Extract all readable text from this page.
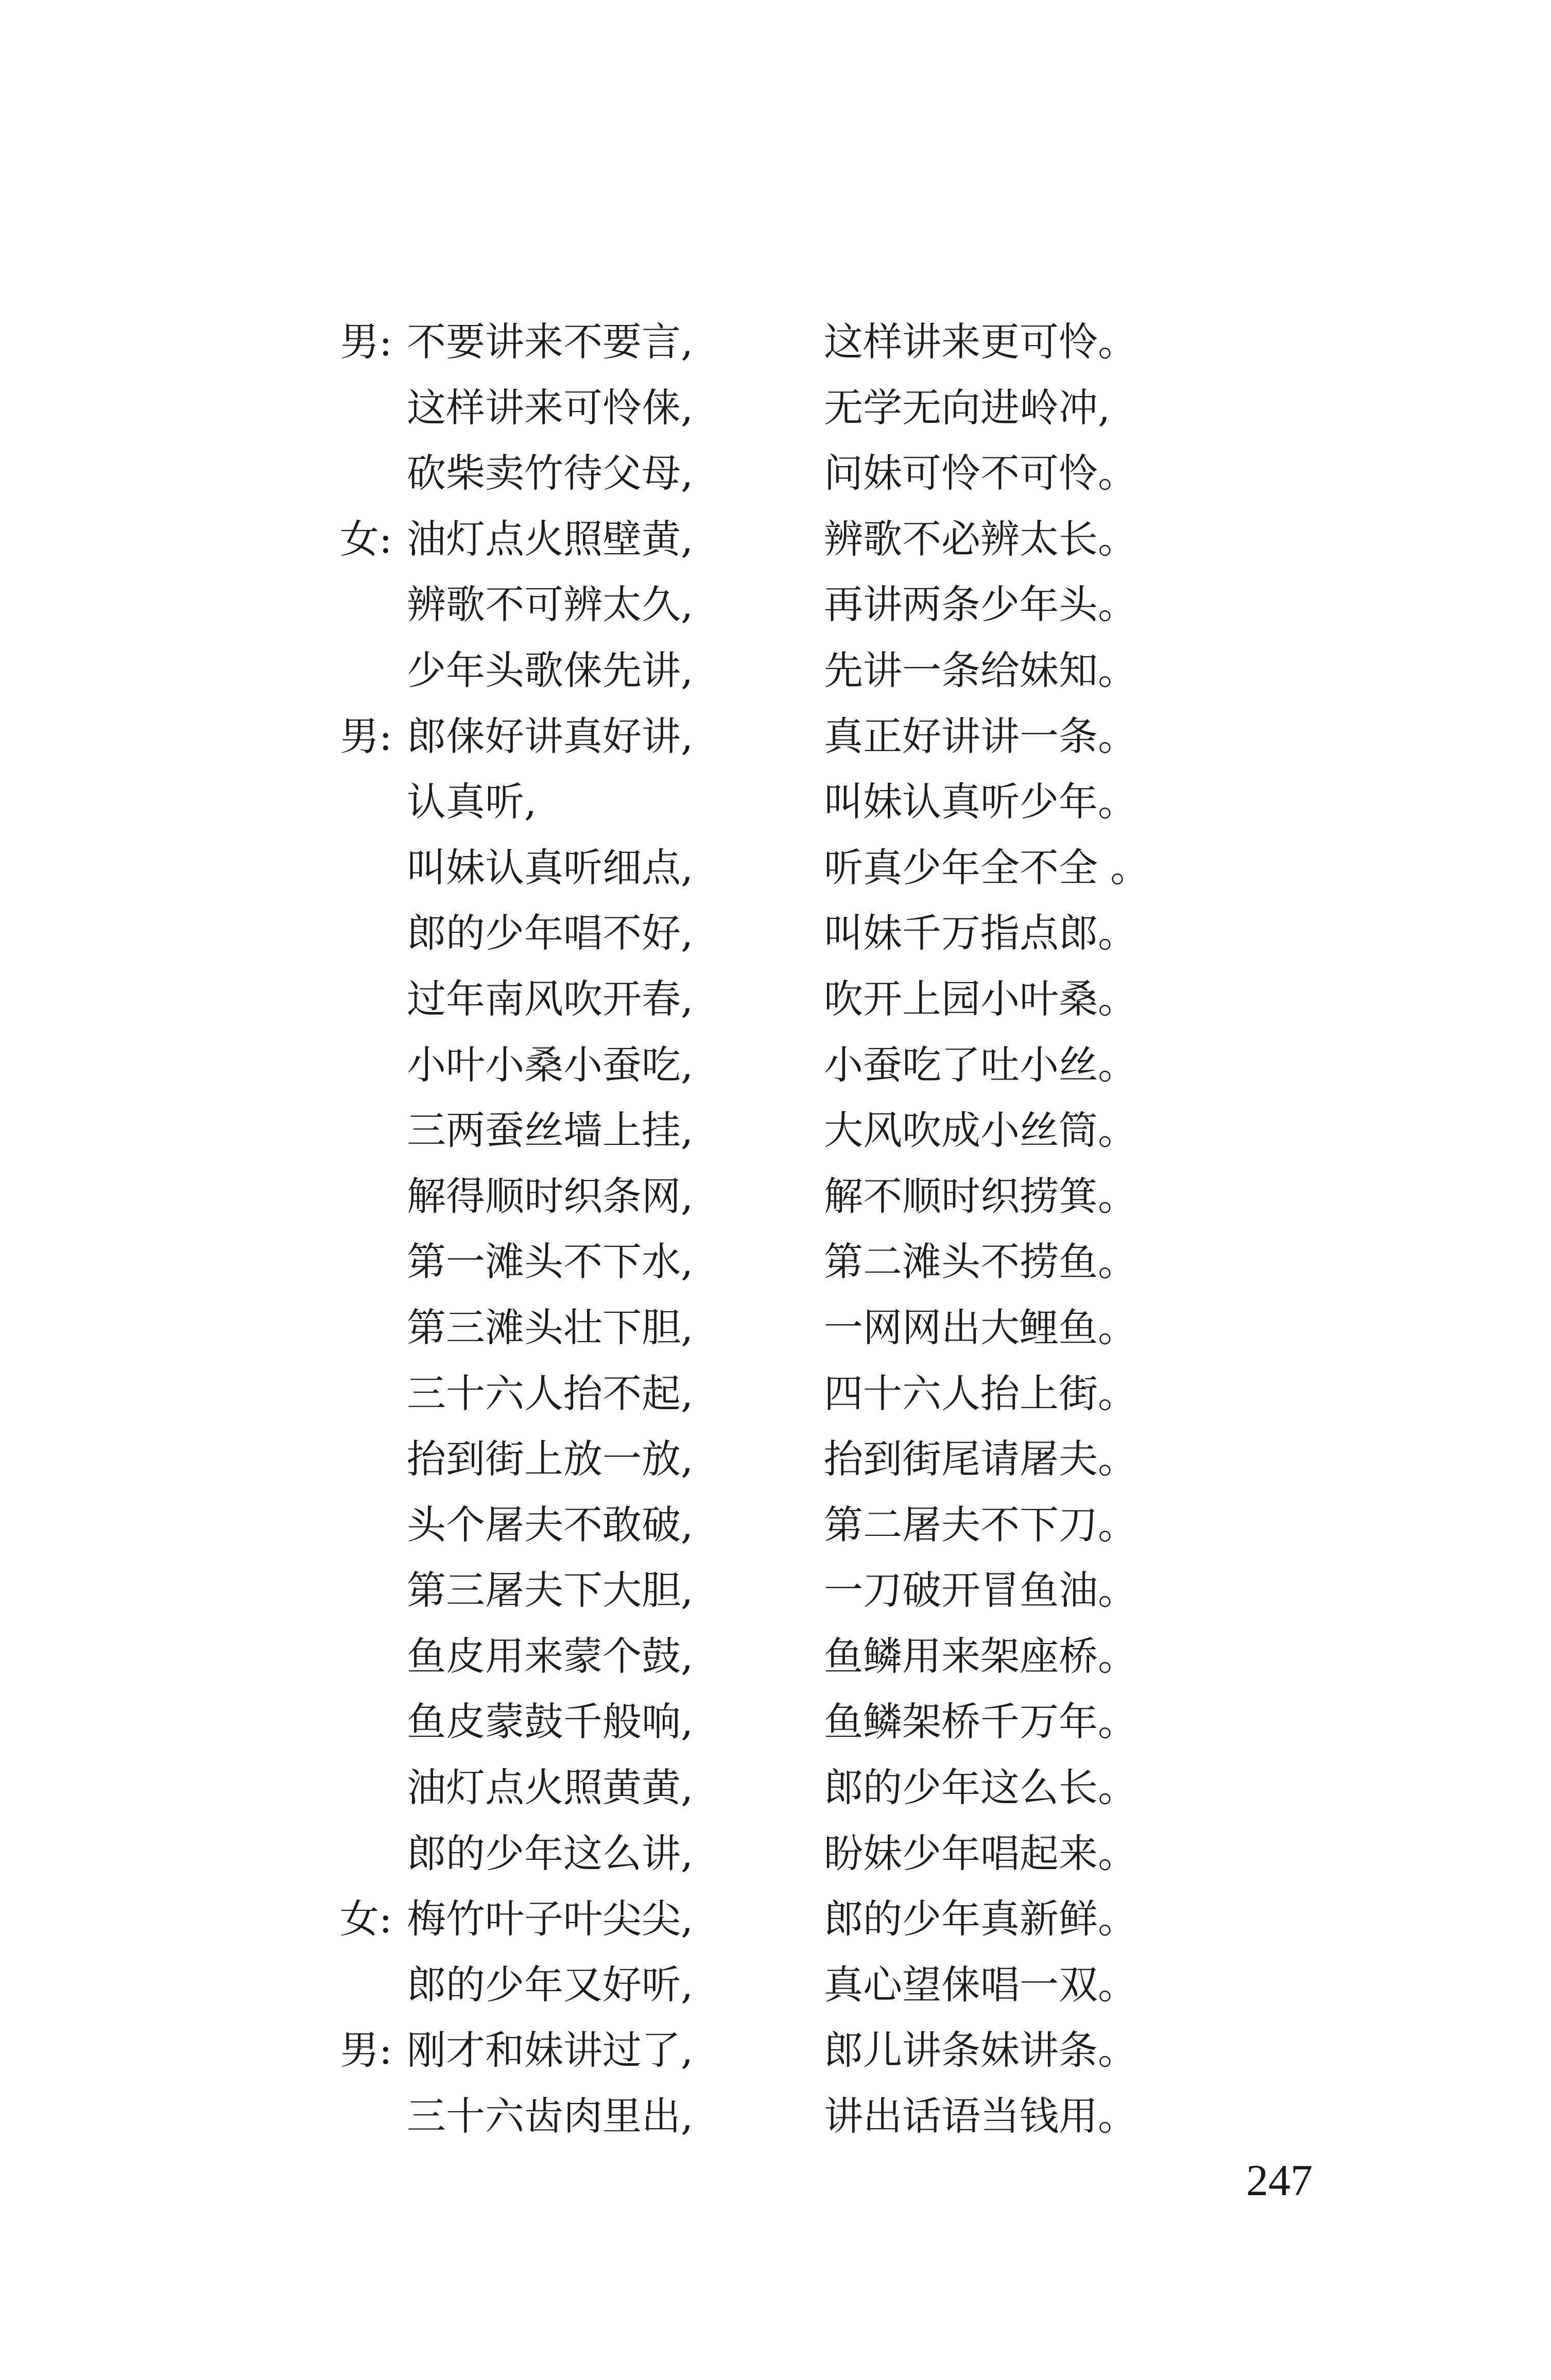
男: 不要讲来不要言,	这样讲来更可怜。
这样讲来可怜俫,	无学无向进岭冲,
砍柴卖竹待父母,	问妹可怜不可怜。
女: 油灯点火照壁黄,	辨歌不必辨太长。
辨歌不可辨太久,	再讲两条少年头。
少年头歌俫先讲,	先讲一条给妹知。
男: 郎俫好讲真好讲,	真正好讲讲一条。
认真听,	叫妹认真听少年。
叫妹认真听细点,	听真少年全不全 。
郎的少年唱不好,	叫妹千万指点郎。
过年南风吹开春,	吹开上园小叶桑。
小叶小桑小蚕吃,	小蚕吃了吐小丝。
三两蚕丝墙上挂,	大风吹成小丝筒。
解得顺时织条网,	解不顺时织捞箕。
第一滩头不下水,	第二滩头不捞鱼。
第三滩头壮下胆,	一网网出大鲤鱼。
三十六人抬不起,	四十六人抬上街。
抬到街上放一放,	抬到街尾请屠夫。
头个屠夫不敢破,	第二屠夫不下刀。
第三屠夫下大胆,	一刀破开冒鱼油。
鱼皮用来蒙个鼓,	鱼鳞用来架座桥。
鱼皮蒙鼓千般响,	鱼鳞架桥千万年。
油灯点火照黄黄,	郎的少年这么长。
郎的少年这么讲,	盼妹少年唱起来。
女: 梅竹叶子叶尖尖,	郎的少年真新鲜。
郎的少年又好听,	真心望俫唱一双。
男: 刚才和妹讲过了,	郎儿讲条妹讲条。
三十六齿肉里出,	讲出话语当钱用。
247
